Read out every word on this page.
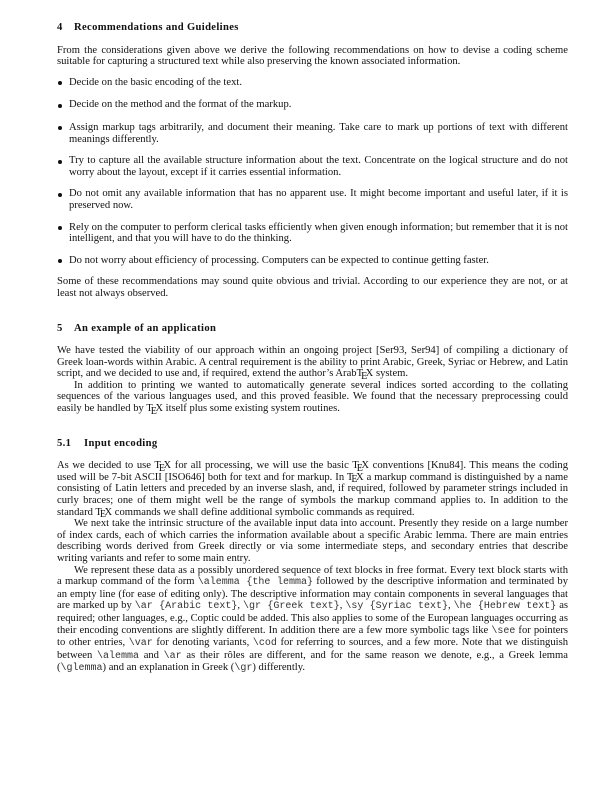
4 Recommendations and Guidelines

From the considerations given above we derive the following recommendations on how to devise a coding scheme suitable for capturing a structured text while also preserving the known associated information.

Decide on the basic encoding of the text.
Decide on the method and the format of the markup.
Assign markup tags arbitrarily, and document their meaning. Take care to mark up portions of text with different meanings differently.
Try to capture all the available structure information about the text. Concentrate on the logical structure and do not worry about the layout, except if it carries essential information.
Do not omit any available information that has no apparent use. It might become important and useful later, if it is preserved now.
Rely on the computer to perform clerical tasks efficiently when given enough information; but remember that it is not intelligent, and that you will have to do the thinking.
Do not worry about efficiency of processing. Computers can be expected to continue getting faster.

Some of these recommendations may sound quite obvious and trivial. According to our experience they are not, or at least not always observed.

5 An example of an application

We have tested the viability of our approach within an ongoing project [Ser93, Ser94] of compiling a dictionary of Greek loan-words within Arabic. A central requirement is the ability to print Arabic, Greek, Syriac or Hebrew, and Latin script, and we decided to use and, if required, extend the author’s ArabTEX system.

In addition to printing we wanted to automatically generate several indices sorted according to the collating sequences of the various languages used, and this proved feasible. We found that the necessary preprocessing could easily be handled by TEX itself plus some existing system routines.

5.1 Input encoding

As we decided to use TEX for all processing, we will use the basic TEX conventions [Knu84]. This means the coding used will be 7-bit ASCII [ISO646] both for text and for markup. In TEX a markup command is distinguished by a name consisting of Latin letters and preceded by an inverse slash, and, if required, followed by parameter strings included in curly braces; one of them might well be the range of symbols the markup command applies to. In addition to the standard TEX commands we shall define additional symbolic commands as required.

We next take the intrinsic structure of the available input data into account. Presently they reside on a large number of index cards, each of which carries the information available about a specific Arabic lemma. There are main entries describing words derived from Greek directly or via some intermediate steps, and secondary entries that describe writing variants and refer to some main entry.

We represent these data as a possibly unordered sequence of text blocks in free format. Every text block starts with a markup command of the form \alemma {the lemma} followed by the descriptive information and terminated by an empty line (for ease of editing only). The descriptive information may contain components in several languages that are marked up by \ar {Arabic text}, \gr {Greek text}, \sy {Syriac text}, \he {Hebrew text} as required; other languages, e.g., Coptic could be added. This also applies to some of the European languages occurring as their encoding conventions are slightly different. In addition there are a few more symbolic tags like \see for pointers to other entries, \var for denoting variants, \cod for referring to sources, and a few more. Note that we distinguish between \alemma and \ar as their rôles are different, and for the same reason we denote, e.g., a Greek lemma (\glemma) and an explanation in Greek (\gr) differently.
